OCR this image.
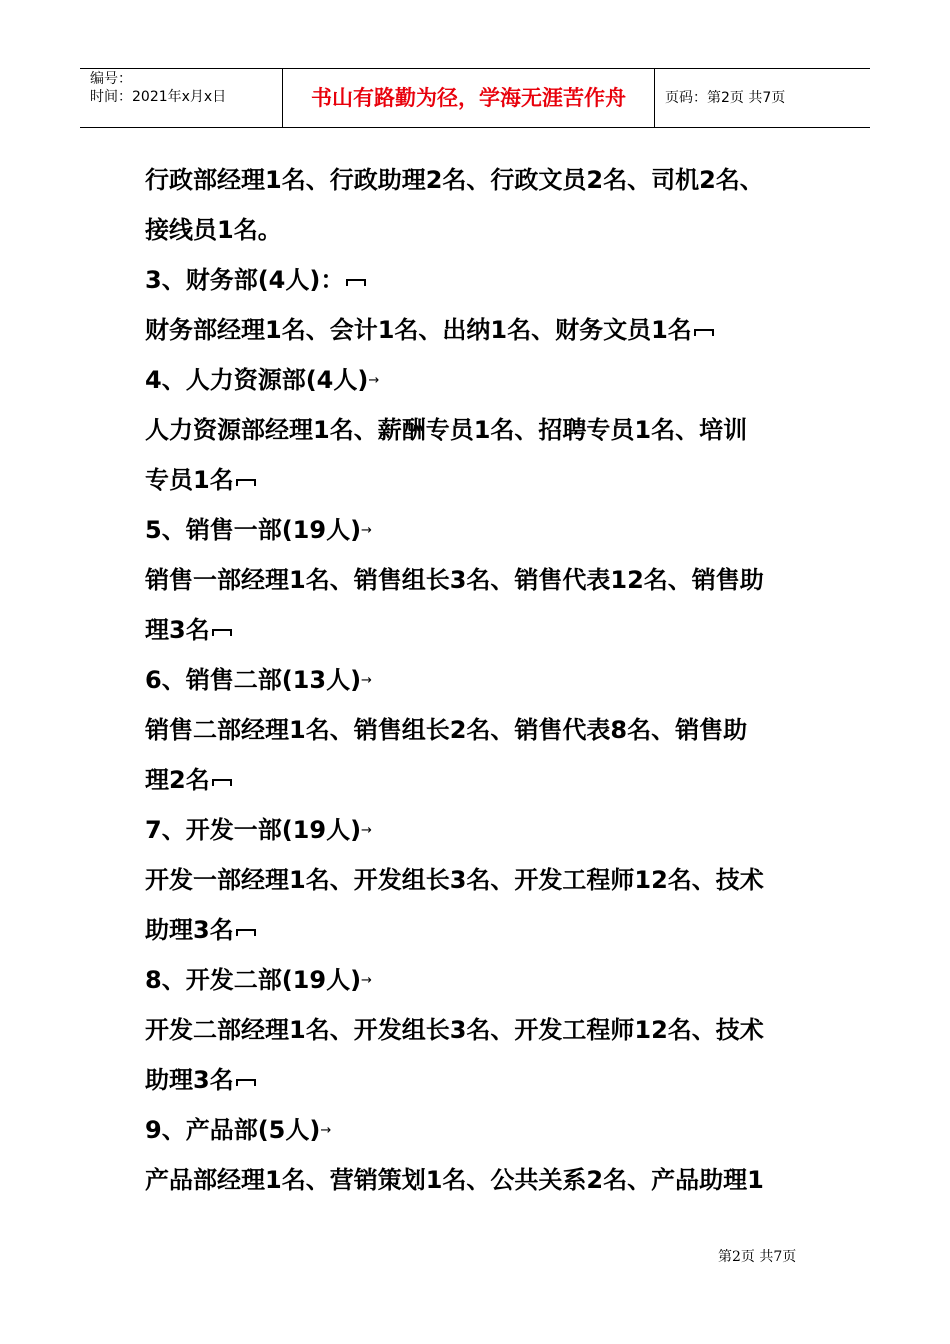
编号：
时间：2021年x月x日	书山有路勤为径，学海无涯苦作舟	页码：第2页 共7页
行政部经理1名、行政助理2名、行政文员2名、司机2名、
接线员1名。
3、财务部(4人)：
财务部经理1名、会计1名、出纳1名、财务文员1名
4、人力资源部(4人)→
人力资源部经理1名、薪酬专员1名、招聘专员1名、培训
专员1名
5、销售一部(19人)→
销售一部经理1名、销售组长3名、销售代表12名、销售助
理3名
6、销售二部(13人)→
销售二部经理1名、销售组长2名、销售代表8名、销售助
理2名
7、开发一部(19人)→
开发一部经理1名、开发组长3名、开发工程师12名、技术
助理3名
8、开发二部(19人)→
开发二部经理1名、开发组长3名、开发工程师12名、技术
助理3名
9、产品部(5人)→
产品部经理1名、营销策划1名、公共关系2名、产品助理1
第2页 共7页
